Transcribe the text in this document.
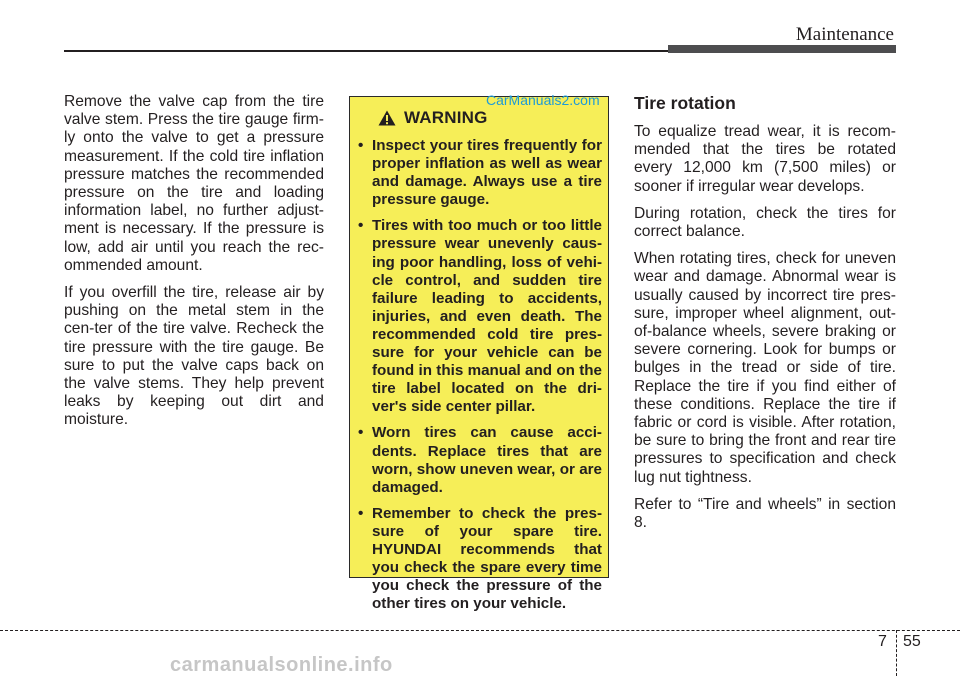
Maintenance

Remove the valve cap from the tire valve stem. Press the tire gauge firm-ly onto the valve to get a pressure measurement. If the cold tire inflation pressure matches the recommended pressure on the tire and loading information label, no further adjust-ment is necessary. If the pressure is low, add air until you reach the rec-ommended amount.

If you overfill the tire, release air by pushing on the metal stem in the cen-ter of the tire valve. Recheck the tire pressure with the tire gauge. Be sure to put the valve caps back on the valve stems. They help prevent leaks by keeping out dirt and moisture.

WARNING
• Inspect your tires frequently for proper inflation as well as wear and damage. Always use a tire pressure gauge.
• Tires with too much or too little pressure wear unevenly caus-ing poor handling, loss of vehi-cle control, and sudden tire failure leading to accidents, injuries, and even death. The recommended cold tire pres-sure for your vehicle can be found in this manual and on the tire label located on the dri-ver's side center pillar.
• Worn tires can cause acci-dents. Replace tires that are worn, show uneven wear, or are damaged.
• Remember to check the pres-sure of your spare tire. HYUNDAI recommends that you check the spare every time you check the pressure of the other tires on your vehicle.
CarManuals2.com Tire rotation

To equalize tread wear, it is recom-mended that the tires be rotated every 12,000 km (7,500 miles) or sooner if irregular wear develops.

During rotation, check the tires for correct balance.

When rotating tires, check for uneven wear and damage. Abnormal wear is usually caused by incorrect tire pres-sure, improper wheel alignment, out-of-balance wheels, severe braking or severe cornering. Look for bumps or bulges in the tread or side of tire. Replace the tire if you find either of these conditions. Replace the tire if fabric or cord is visible. After rotation, be sure to bring the front and rear tire pressures to specification and check lug nut tightness.

Refer to “Tire and wheels” in section 8.

7 55
carmanualsonline.info
